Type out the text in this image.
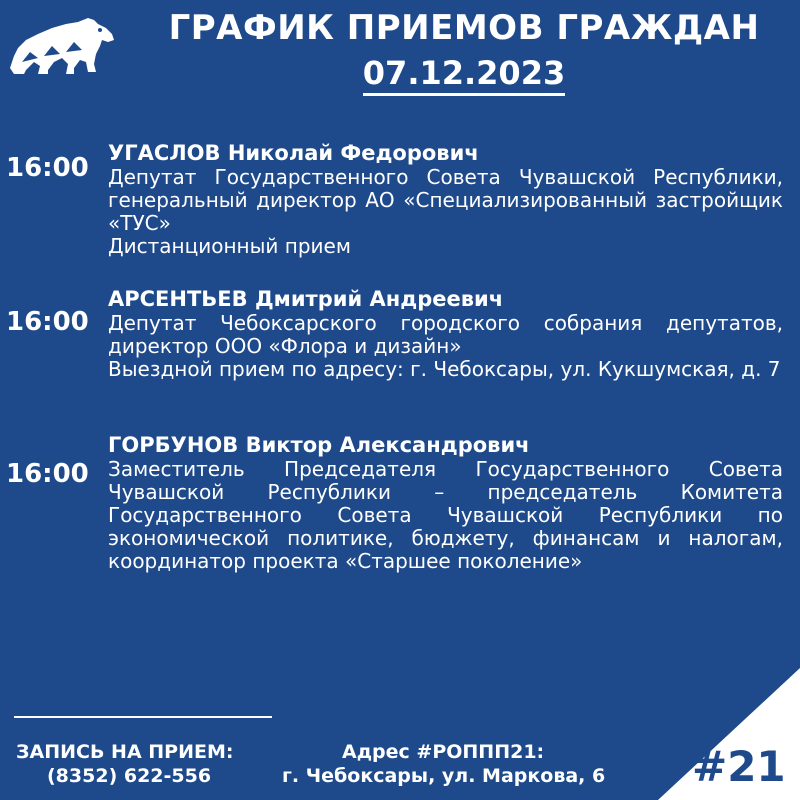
ГРАФИК ПРИЕМОВ ГРАЖДАН
07.12.2023
16:00 УГАСЛОВ Николай Федорович

Депутат Государственного Совета Чувашской Республики, генеральный директор АО «Специализированный застройщик «ТУС»

Дистанционный прием

16:00
АРСЕНТЬЕВ Дмитрий Андреевич

Депутат Чебоксарского городского собрания депутатов, директор ООО «Флора и дизайн»

Выездной прием по адресу: г. Чебоксары, ул. Кукшумская, д. 7

16:00
ГОРБУНОВ Виктор Александрович

Заместитель Председателя Государственного Совета Чувашской Республики – председатель Комитета Государственного Совета Чувашской Республики по экономической политике, бюджету, финансам и налогам, координатор проекта «Старшее поколение»

ЗАПИСЬ НА ПРИЕМ:
(8352) 622-556
Адрес #РОППП21:
г. Чебоксары, ул. Маркова, 6 #21
